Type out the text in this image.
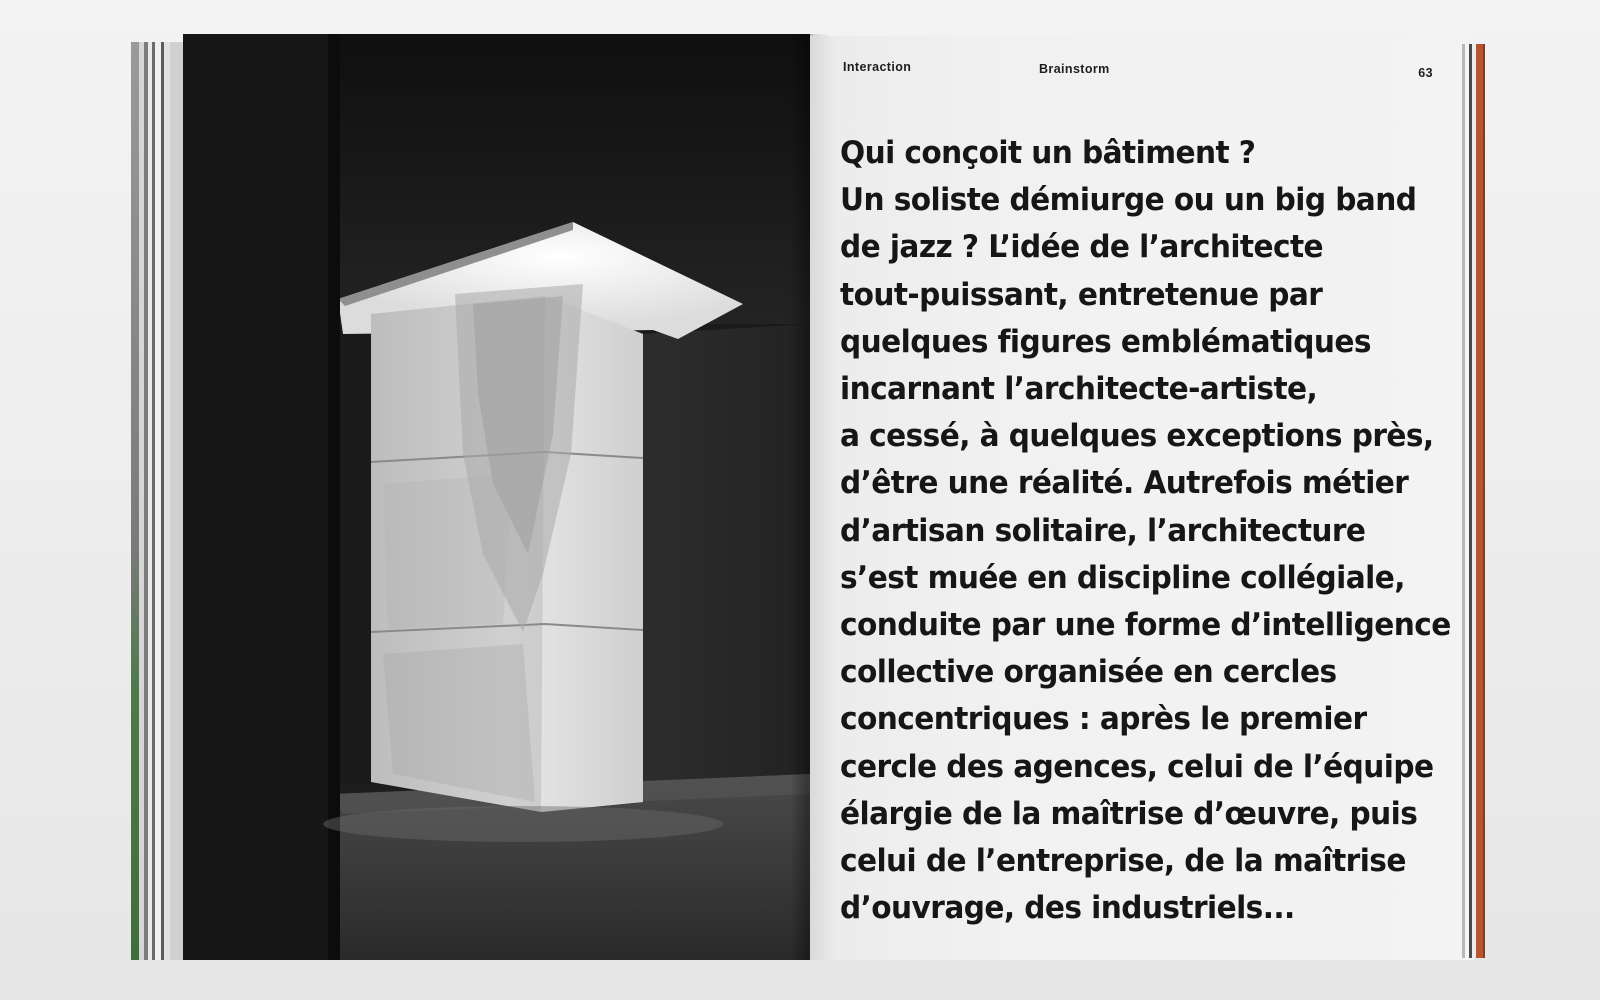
Interaction	Brainstorm	63
Qui conçoit un bâtiment ?
Un soliste démiurge ou un big band
de jazz ? L’idée de l’architecte
tout-puissant, entretenue par
quelques figures emblématiques
incarnant l’architecte-artiste,
a cessé, à quelques exceptions près,
d’être une réalité. Autrefois métier
d’artisan solitaire, l’architecture
s’est muée en discipline collégiale,
conduite par une forme d’intelligence
collective organisée en cercles
concentriques : après le premier
cercle des agences, celui de l’équipe
élargie de la maîtrise d’œuvre, puis
celui de l’entreprise, de la maîtrise
d’ouvrage, des industriels...
